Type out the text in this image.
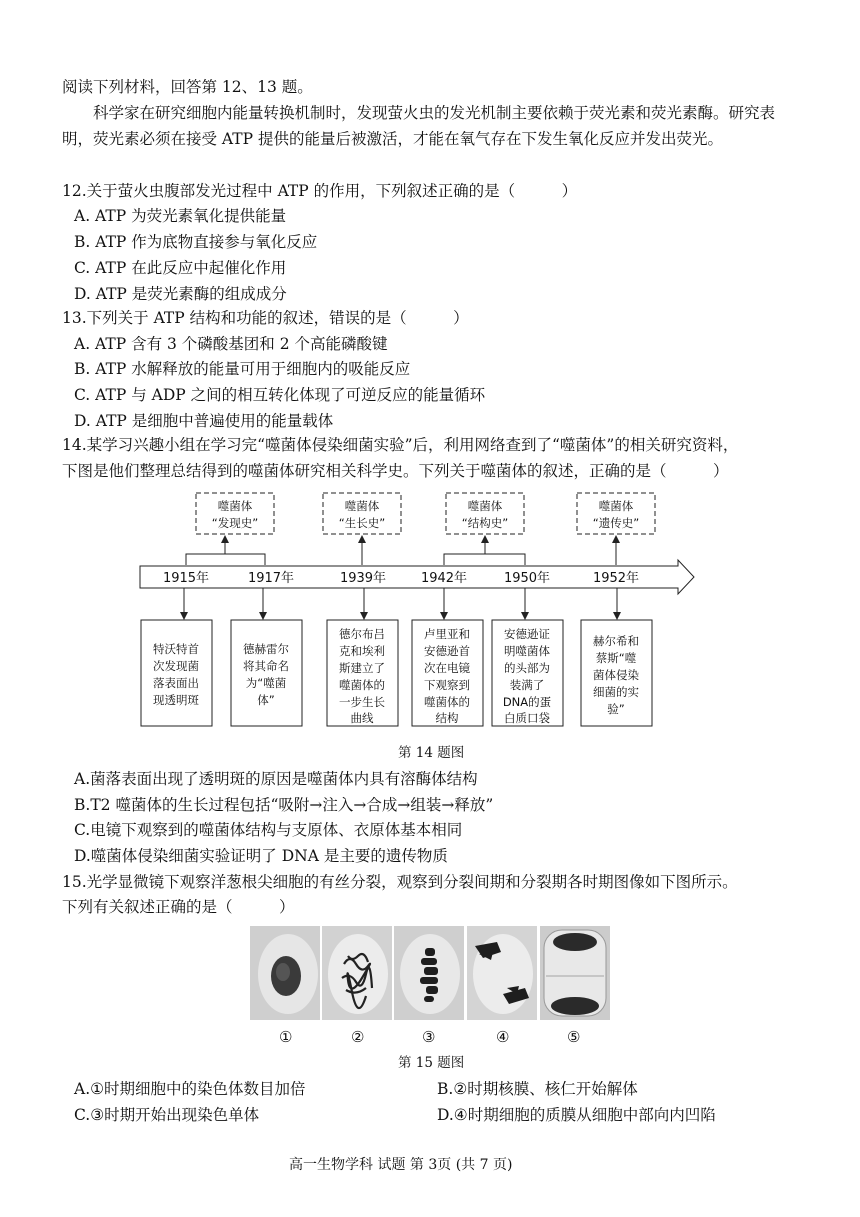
阅读下列材料，回答第 12、13 题。
科学家在研究细胞内能量转换机制时，发现萤火虫的发光机制主要依赖于荧光素和荧光素酶。研究表明，荧光素必须在接受 ATP 提供的能量后被激活，才能在氧气存在下发生氧化反应并发出荧光。
12.关于萤火虫腹部发光过程中 ATP 的作用，下列叙述正确的是（　　　）
A. ATP 为荧光素氧化提供能量
B. ATP 作为底物直接参与氧化反应
C. ATP 在此反应中起催化作用
D. ATP 是荧光素酶的组成成分
13.下列关于 ATP 结构和功能的叙述，错误的是（　　　）
A. ATP 含有 3 个磷酸基团和 2 个高能磷酸键
B. ATP 水解释放的能量可用于细胞内的吸能反应
C. ATP 与 ADP 之间的相互转化体现了可逆反应的能量循环
D. ATP 是细胞中普遍使用的能量载体
14.某学习兴趣小组在学习完“噬菌体侵染细菌实验”后，利用网络查到了“噬菌体”的相关研究资料，
下图是他们整理总结得到的噬菌体研究相关科学史。下列关于噬菌体的叙述，正确的是（　　　）
噬菌体
“发现史”
噬菌体
“生长史”
噬菌体
“结构史”
噬菌体
“遗传史”
1915年	1917年	1939年	1942年	1950年	1952年
特沃特首
次发现菌
落表面出
现透明斑
德赫雷尔
将其命名
为“噬菌
体”
德尔布吕
克和埃利
斯建立了
噬菌体的
一步生长
曲线
卢里亚和
安德逊首
次在电镜
下观察到
噬菌体的
结构
安德逊证
明噬菌体
的头部为
装满了
DNA的蛋
白质口袋
赫尔希和
蔡斯“噬
菌体侵染
细菌的实
验”
第 14 题图
A.菌落表面出现了透明斑的原因是噬菌体内具有溶酶体结构
B.T2 噬菌体的生长过程包括“吸附→注入→合成→组装→释放”
C.电镜下观察到的噬菌体结构与支原体、衣原体基本相同
D.噬菌体侵染细菌实验证明了 DNA 是主要的遗传物质
15.光学显微镜下观察洋葱根尖细胞的有丝分裂，观察到分裂间期和分裂期各时期图像如下图所示。
下列有关叙述正确的是（　　　）
①	②	③	④	⑤
第 15 题图
A.①时期细胞中的染色体数目加倍	B.②时期核膜、核仁开始解体
C.③时期开始出现染色单体	D.④时期细胞的质膜从细胞中部向内凹陷
高一生物学科 试题 第 3页 (共 7 页)
